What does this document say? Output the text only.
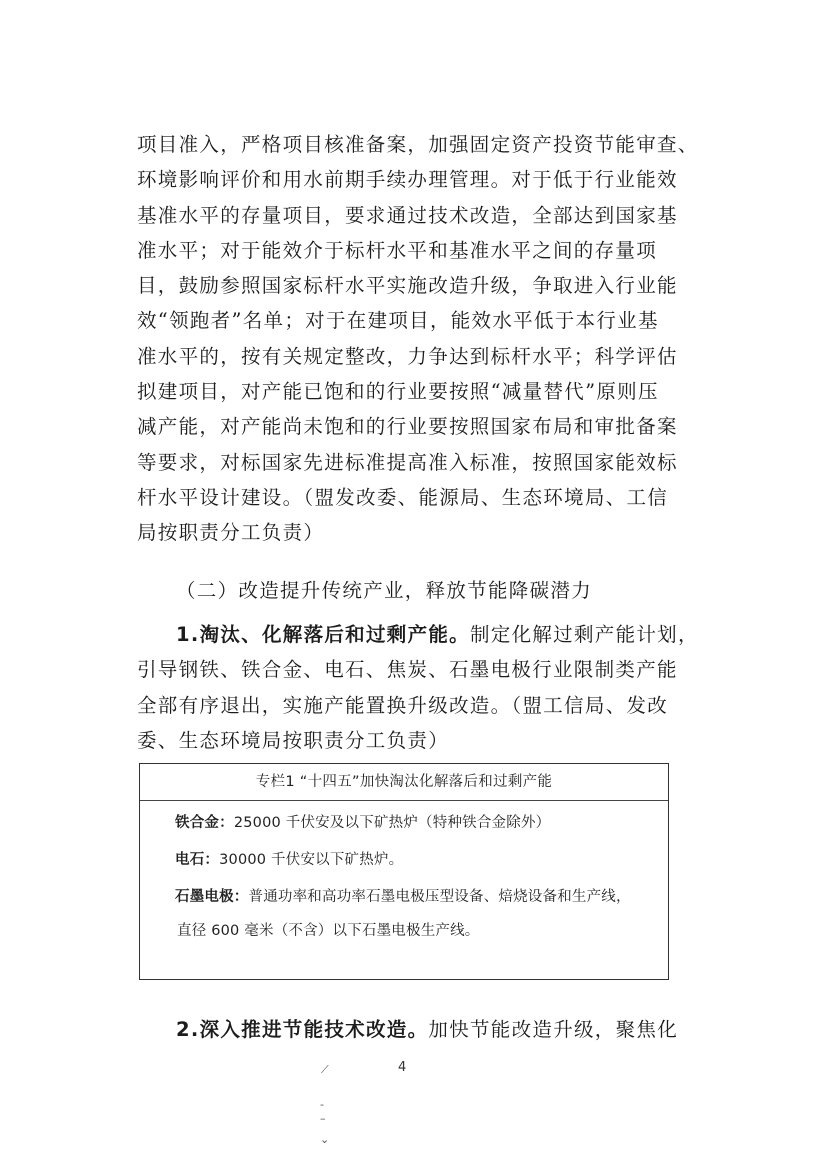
项目准入，严格项目核准备案，加强固定资产投资节能审查、
环境影响评价和用水前期手续办理管理。对于低于行业能效
基准水平的存量项目，要求通过技术改造，全部达到国家基
准水平；对于能效介于标杆水平和基准水平之间的存量项
目，鼓励参照国家标杆水平实施改造升级，争取进入行业能
效“领跑者”名单；对于在建项目，能效水平低于本行业基
准水平的，按有关规定整改，力争达到标杆水平；科学评估
拟建项目，对产能已饱和的行业要按照“减量替代”原则压
减产能，对产能尚未饱和的行业要按照国家布局和审批备案
等要求，对标国家先进标准提高准入标准，按照国家能效标
杆水平设计建设。（盟发改委、能源局、生态环境局、工信
局按职责分工负责）
（二）改造提升传统产业，释放节能降碳潜力
1.淘汰、化解落后和过剩产能。制定化解过剩产能计划，
引导钢铁、铁合金、电石、焦炭、石墨电极行业限制类产能
全部有序退出，实施产能置换升级改造。（盟工信局、发改
委、生态环境局按职责分工负责）
专栏1 “十四五”加快淘汰化解落后和过剩产能
铁合金：25000 千伏安及以下矿热炉（特种铁合金除外）
电石：30000 千伏安以下矿热炉。
石墨电极：普通功率和高功率石墨电极压型设备、焙烧设备和生产线，
直径 600 毫米（不含）以下石墨电极生产线。
2.深入推进节能技术改造。加快节能改造升级，聚焦化
4
⟋
-
–
⌄
